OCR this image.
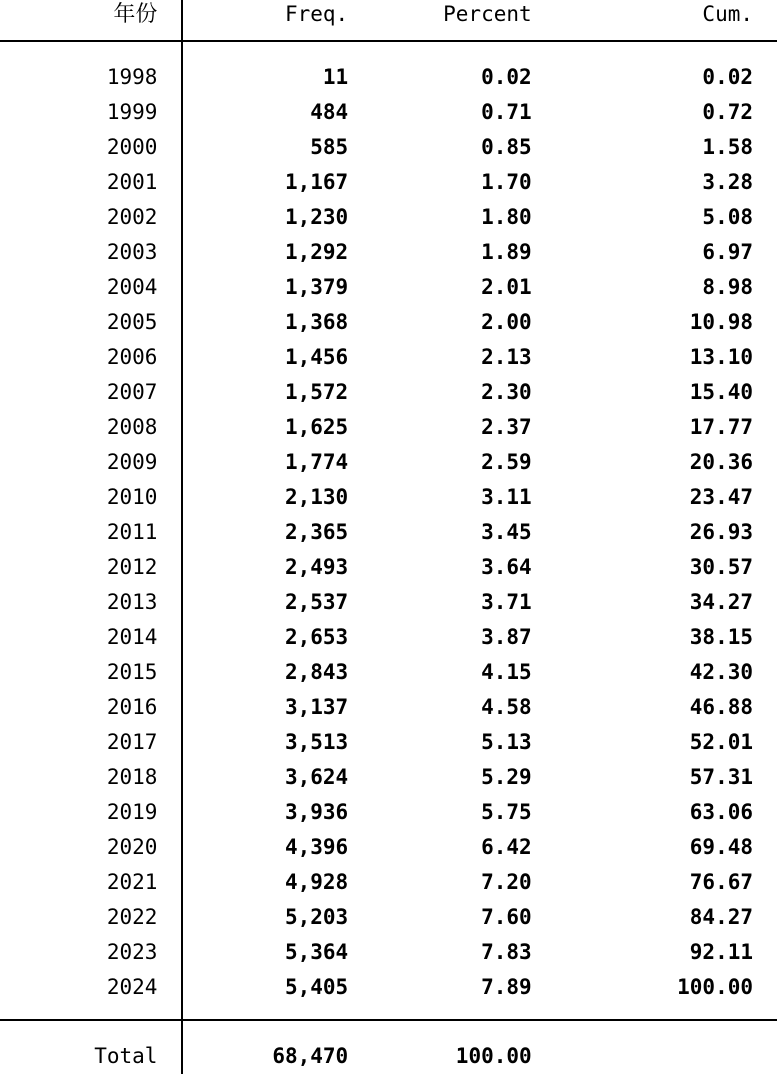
年份	Freq.	Percent	Cum.

1998	11	0.02	0.02
1999	484	0.71	0.72
2000	585	0.85	1.58
2001	1,167	1.70	3.28
2002	1,230	1.80	5.08
2003	1,292	1.89	6.97
2004	1,379	2.01	8.98
2005	1,368	2.00	10.98
2006	1,456	2.13	13.10
2007	1,572	2.30	15.40
2008	1,625	2.37	17.77
2009	1,774	2.59	20.36
2010	2,130	3.11	23.47
2011	2,365	3.45	26.93
2012	2,493	3.64	30.57
2013	2,537	3.71	34.27
2014	2,653	3.87	38.15
2015	2,843	4.15	42.30
2016	3,137	4.58	46.88
2017	3,513	5.13	52.01
2018	3,624	5.29	57.31
2019	3,936	5.75	63.06
2020	4,396	6.42	69.48
2021	4,928	7.20	76.67
2022	5,203	7.60	84.27
2023	5,364	7.83	92.11
2024	5,405	7.89	100.00

Total	68,470	100.00	
